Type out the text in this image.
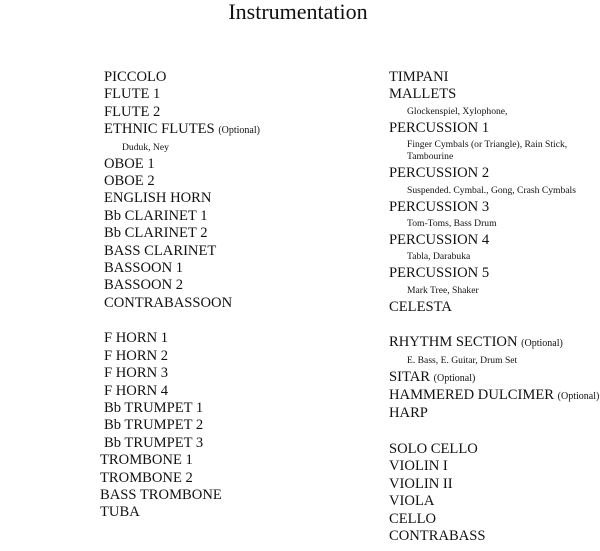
Instrumentation
PICCOLO
FLUTE 1
FLUTE 2
ETHNIC FLUTES (Optional)
Duduk, Ney
OBOE 1
OBOE 2
ENGLISH HORN
Bb CLARINET 1
Bb CLARINET 2
BASS CLARINET
BASSOON 1
BASSOON 2
CONTRABASSOON
F HORN 1
F HORN 2
F HORN 3
F HORN 4
Bb TRUMPET 1
Bb TRUMPET 2
Bb TRUMPET 3
TROMBONE 1
TROMBONE 2
BASS TROMBONE
TUBA
TIMPANI
MALLETS
Glockenspiel, Xylophone,
PERCUSSION 1
Finger Cymbals (or Triangle), Rain Stick, Tambourine
PERCUSSION 2
Suspended. Cymbal., Gong, Crash Cymbals
PERCUSSION 3
Tom-Toms, Bass Drum
PERCUSSION 4
Tabla, Darabuka
PERCUSSION 5
Mark Tree, Shaker
CELESTA
RHYTHM SECTION (Optional)
E. Bass, E. Guitar, Drum Set
SITAR (Optional)
HAMMERED DULCIMER (Optional)
HARP
SOLO CELLO
VIOLIN I
VIOLIN II
VIOLA
CELLO
CONTRABASS
